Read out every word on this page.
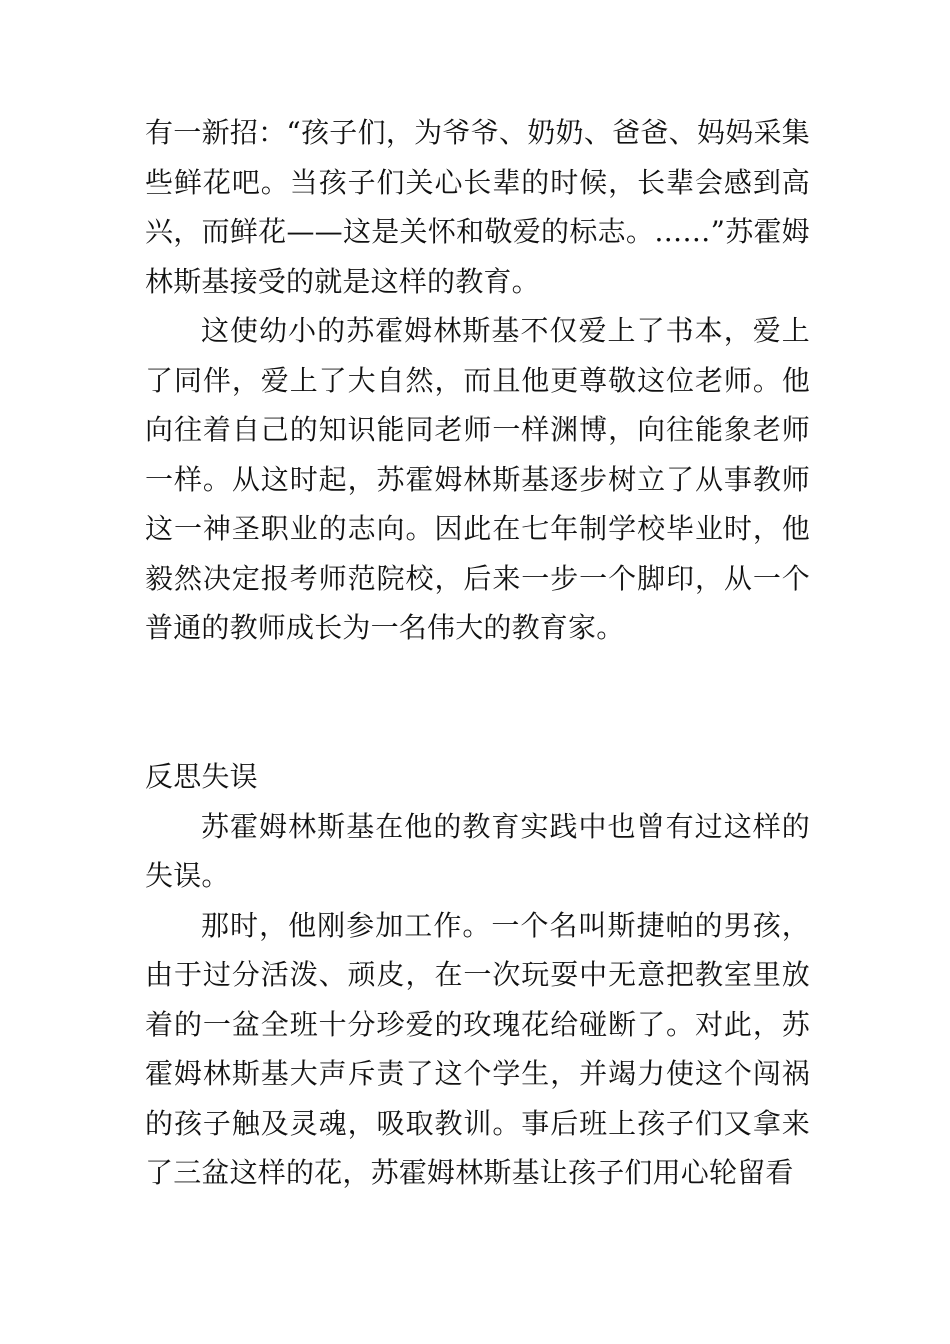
有一新招：“孩子们，为爷爷、奶奶、爸爸、妈妈采集些鲜花吧。当孩子们关心长辈的时候，长辈会感到高兴，而鲜花——这是关怀和敬爱的标志。……”苏霍姆林斯基接受的就是这样的教育。

这使幼小的苏霍姆林斯基不仅爱上了书本，爱上了同伴，爱上了大自然，而且他更尊敬这位老师。他向往着自己的知识能同老师一样渊博，向往能象老师一样。从这时起，苏霍姆林斯基逐步树立了从事教师这一神圣职业的志向。因此在七年制学校毕业时，他毅然决定报考师范院校，后来一步一个脚印，从一个普通的教师成长为一名伟大的教育家。

反思失误

苏霍姆林斯基在他的教育实践中也曾有过这样的失误。

那时，他刚参加工作。一个名叫斯捷帕的男孩，由于过分活泼、顽皮，在一次玩耍中无意把教室里放着的一盆全班十分珍爱的玫瑰花给碰断了。对此，苏霍姆林斯基大声斥责了这个学生，并竭力使这个闯祸的孩子触及灵魂，吸取教训。事后班上孩子们又拿来了三盆这样的花，苏霍姆林斯基让孩子们用心轮留看
